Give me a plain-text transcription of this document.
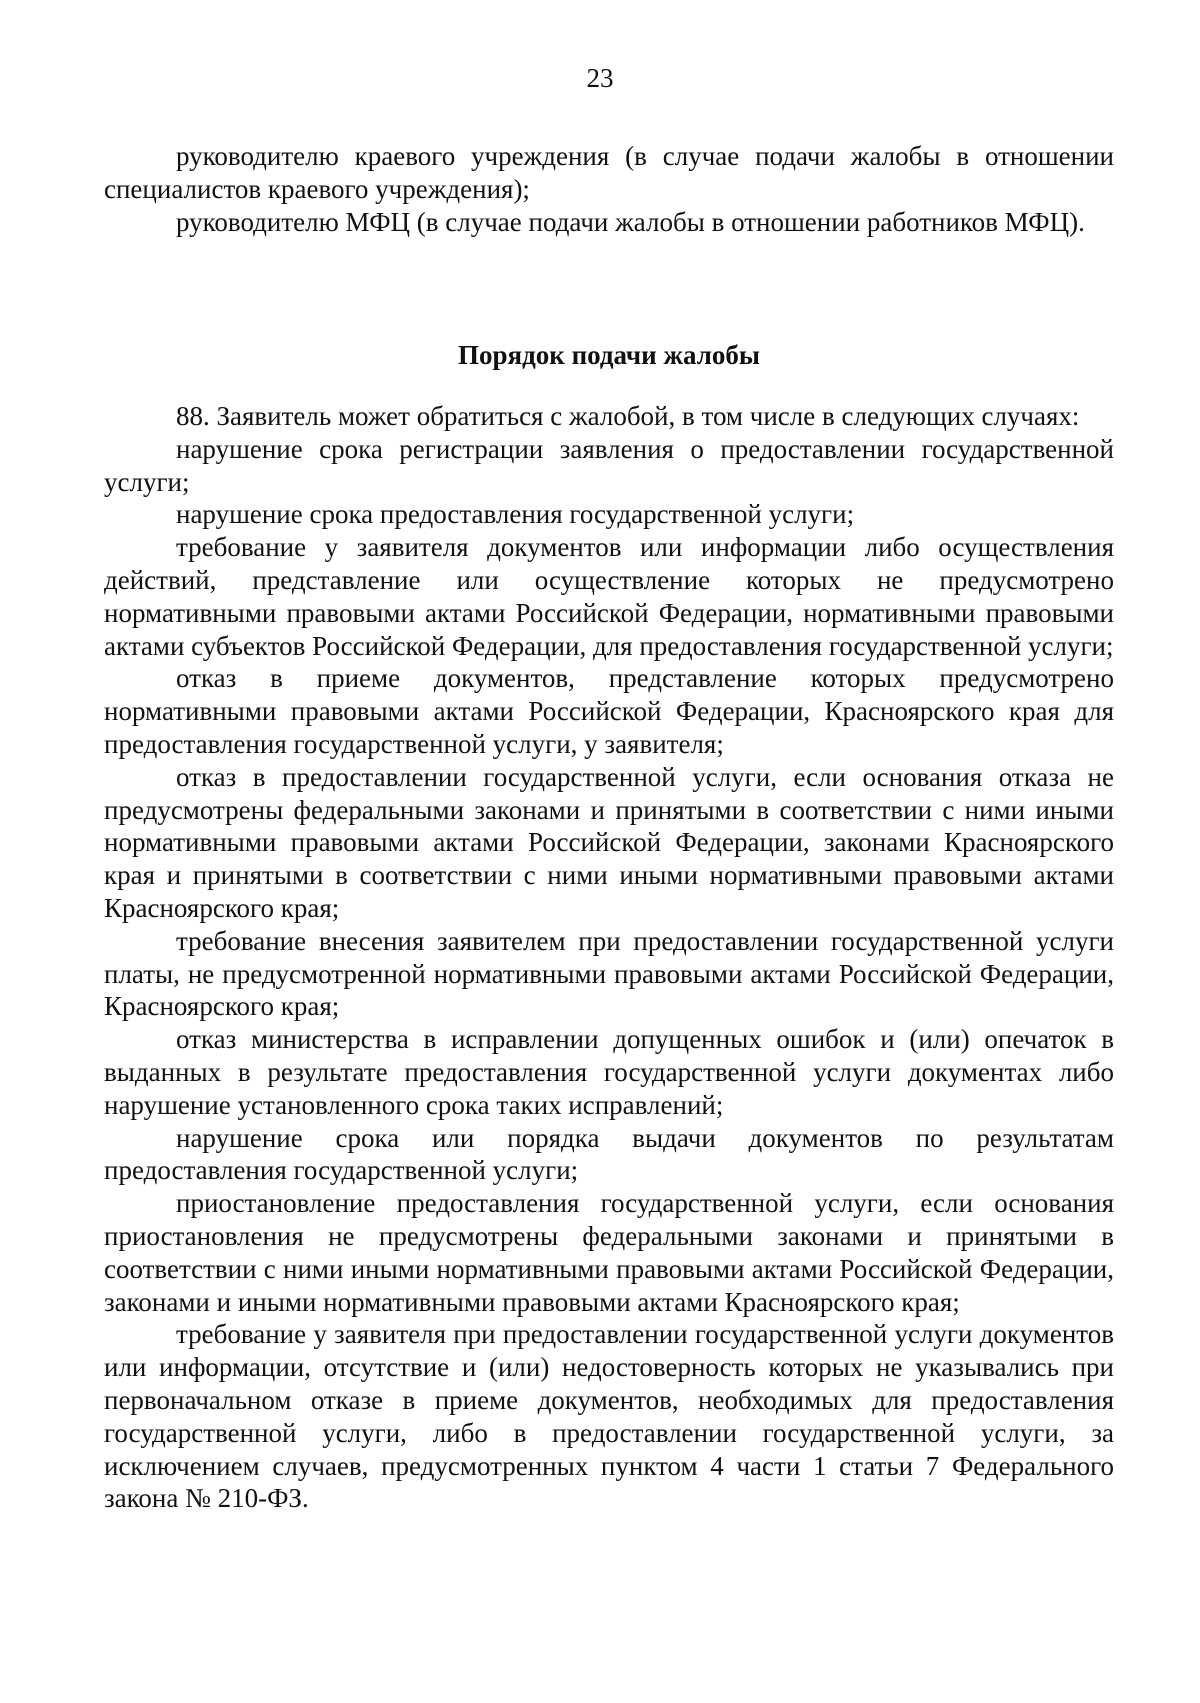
23

руководителю краевого учреждения (в случае подачи жалобы в отношении специалистов краевого учреждения);

руководителю МФЦ (в случае подачи жалобы в отношении работников МФЦ).

Порядок подачи жалобы

88. Заявитель может обратиться с жалобой, в том числе в следующих случаях:

нарушение срока регистрации заявления о предоставлении государственной услуги;

нарушение срока предоставления государственной услуги;

требование у заявителя документов или информации либо осуществления действий, представление или осуществление которых не предусмотрено нормативными правовыми актами Российской Федерации, нормативными правовыми актами субъектов Российской Федерации, для предоставления государственной услуги;

отказ в приеме документов, представление которых предусмотрено нормативными правовыми актами Российской Федерации, Красноярского края для предоставления государственной услуги, у заявителя;

отказ в предоставлении государственной услуги, если основания отказа не предусмотрены федеральными законами и принятыми в соответствии с ними иными нормативными правовыми актами Российской Федерации, законами Красноярского края и принятыми в соответствии с ними иными нормативными правовыми актами Красноярского края;

требование внесения заявителем при предоставлении государственной услуги платы, не предусмотренной нормативными правовыми актами Российской Федерации, Красноярского края;

отказ министерства в исправлении допущенных ошибок и (или) опечаток в выданных в результате предоставления государственной услуги документах либо нарушение установленного срока таких исправлений;

нарушение срока или порядка выдачи документов по результатам предоставления государственной услуги;

приостановление предоставления государственной услуги, если основания приостановления не предусмотрены федеральными законами и принятыми в соответствии с ними иными нормативными правовыми актами Российской Федерации, законами и иными нормативными правовыми актами Красноярского края;

требование у заявителя при предоставлении государственной услуги документов или информации, отсутствие и (или) недостоверность которых не указывались при первоначальном отказе в приеме документов, необходимых для предоставления государственной услуги, либо в предоставлении государственной услуги, за исключением случаев, предусмотренных пунктом 4 части 1 статьи 7 Федерального закона № 210-ФЗ.
